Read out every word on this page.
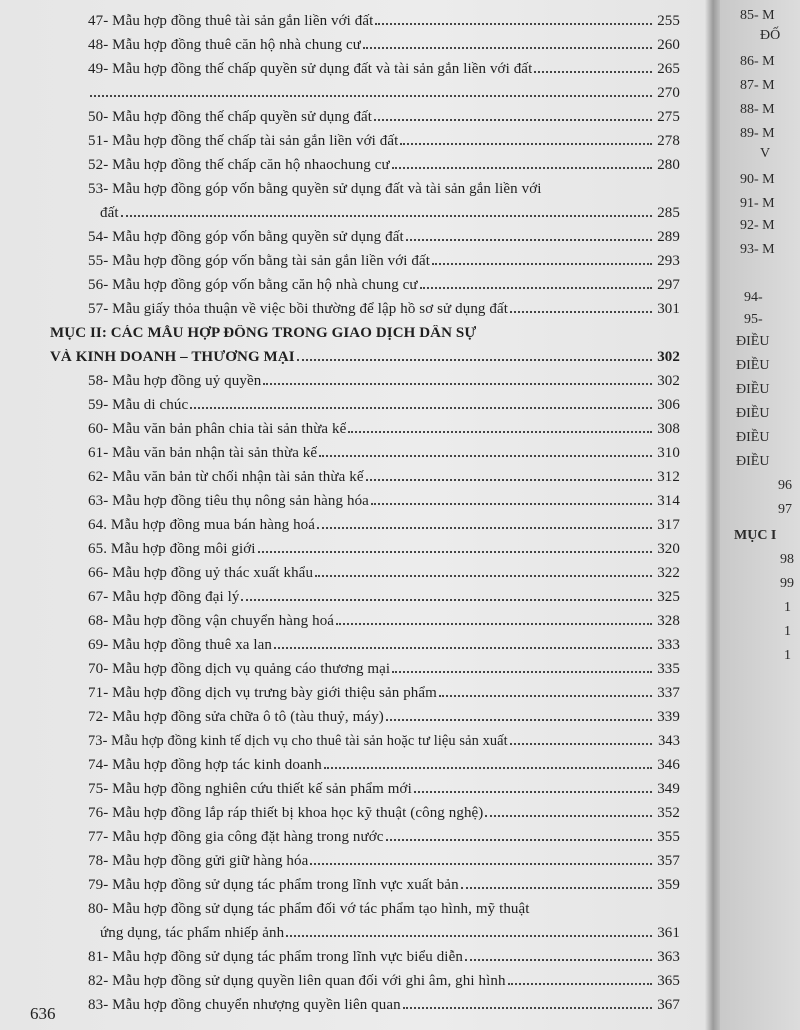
47- Mẫu hợp đồng thuê tài sản gắn liền với đất	255
48- Mẫu hợp đồng thuê căn hộ nhà chung cư	260
49- Mẫu hợp đồng thế chấp quyền sử dụng đất và tài sản gắn liền với đất	265
270
50- Mẫu hợp đồng thế chấp quyền sử dụng đất	275
51- Mẫu hợp đồng thế chấp tài sản gắn liền với đất	278
52- Mẫu hợp đồng thế chấp căn hộ nhaochung cư	280
53- Mẫu hợp đồng góp vốn bằng quyền sử dụng đất và tài sản gắn liền với
đất	285
54- Mẫu hợp đồng góp vốn bằng quyền sử dụng đất	289
55- Mẫu hợp đồng góp vốn bằng tài sản gắn liền với đất	293
56- Mẫu hợp đồng góp vốn bằng căn hộ nhà chung cư	297
57- Mẫu giấy thỏa thuận về việc bồi thường để lập hồ sơ sử dụng đất	301
MỤC II: CÁC MẪU HỢP ĐỒNG TRONG GIAO DỊCH DÂN SỰ
VÀ KINH DOANH – THƯƠNG MẠI	302
58- Mẫu hợp đồng uỷ quyền	302
59- Mẫu di chúc	306
60- Mẫu văn bản phân chia tài sản thừa kế	308
61- Mẫu văn bản nhận tài sản thừa kế	310
62- Mẫu văn bản từ chối nhận tài sản thừa kế	312
63- Mẫu hợp đồng tiêu thụ nông sản hàng hóa	314
64. Mẫu hợp đồng mua bán hàng hoá	317
65. Mẫu hợp đồng môi giới	320
66- Mẫu hợp đồng uỷ thác xuất khẩu	322
67- Mẫu hợp đồng đại lý	325
68- Mẫu hợp đồng vận chuyển hàng hoá	328
69- Mẫu hợp đồng thuê xa lan	333
70- Mẫu hợp đồng dịch vụ quảng cáo thương mại	335
71- Mẫu hợp đồng dịch vụ trưng bày giới thiệu sản phẩm	337
72- Mẫu hợp đồng sửa chữa ô tô (tàu thuỷ, máy)	339
73- Mẫu hợp đồng kinh tế dịch vụ cho thuê tài sản hoặc tư liệu sản xuất	343
74- Mẫu hợp đồng hợp tác kinh doanh	346
75- Mẫu hợp đồng nghiên cứu thiết kế sản phẩm mới	349
76- Mẫu hợp đồng lắp ráp thiết bị khoa học kỹ thuật (công nghệ)	352
77- Mẫu hợp đồng gia công đặt hàng trong nước	355
78- Mẫu hợp đồng gửi giữ hàng hóa	357
79- Mẫu hợp đồng sử dụng tác phẩm trong lĩnh vực xuất bản	359
80- Mẫu hợp đồng sử dụng tác phẩm đối vớ tác phẩm tạo hình, mỹ thuật
ứng dụng, tác phẩm nhiếp ảnh	361
81- Mẫu hợp đồng sử dụng tác phẩm trong lĩnh vực biểu diễn	363
82- Mẫu hợp đồng sử dụng quyền liên quan đối với ghi âm, ghi hình	365
83- Mẫu hợp đồng chuyển nhượng quyền liên quan	367
636
85- M
ĐỐ
86- M
87- M
88- M
89- M
V
90- M
91- M
92- M
93- M
94-
95-
ĐIỀU
ĐIỀU
ĐIỀU
ĐIỀU
ĐIỀU
ĐIỀU
96
97
MỤC I
98
99
1
1
1
